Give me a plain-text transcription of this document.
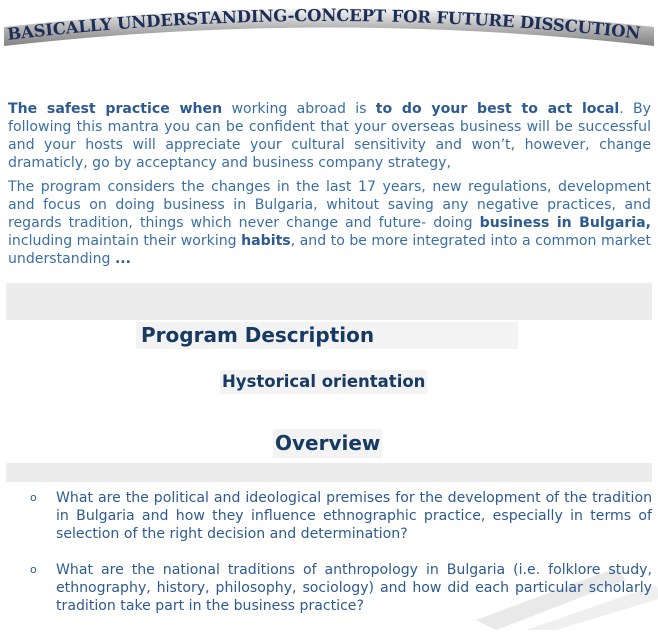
BASICALLY UNDERSTANDING-CONCEPT FOR FUTURE DISSCUTION

The safest practice when working abroad is to do your best to act local. By following this mantra you can be confident that your overseas business will be successful and your hosts will appreciate your cultural sensitivity and won’t, however, change dramaticly, go by acceptancy and business company strategy,

The program considers the changes in the last 17 years, new regulations, development and focus on doing business in Bulgaria, whitout saving any negative practices, and regards tradition, things which never change and future- doing business in Bulgaria, including maintain their working habits, and to be more integrated into a common market understanding ...

Program Description
Hystorical orientation
Overview
o What are the political and ideological premises for the development of the tradition in Bulgaria and how they influence ethnographic practice, especially in terms of selection of the right decision and determination?
o What are the national traditions of anthropology in Bulgaria (i.e. folklore study, ethnography, history, philosophy, sociology) and how did each particular scholarly tradition take part in the business practice?
